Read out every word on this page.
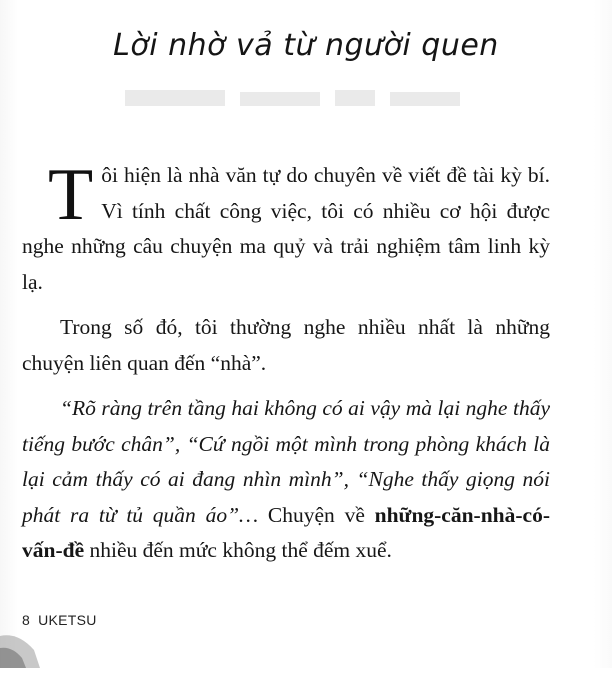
Lời nhờ vả từ người quen

Tôi hiện là nhà văn tự do chuyên về viết đề tài kỳ bí. Vì tính chất công việc, tôi có nhiều cơ hội được nghe những câu chuyện ma quỷ và trải nghiệm tâm linh kỳ lạ.

Trong số đó, tôi thường nghe nhiều nhất là những chuyện liên quan đến “nhà”.

“Rõ ràng trên tầng hai không có ai vậy mà lại nghe thấy tiếng bước chân”, “Cứ ngồi một mình trong phòng khách là lại cảm thấy có ai đang nhìn mình”, “Nghe thấy giọng nói phát ra từ tủ quần áo”… Chuyện về những-căn-nhà-có-vấn-đề nhiều đến mức không thể đếm xuể.

8 UKETSU
